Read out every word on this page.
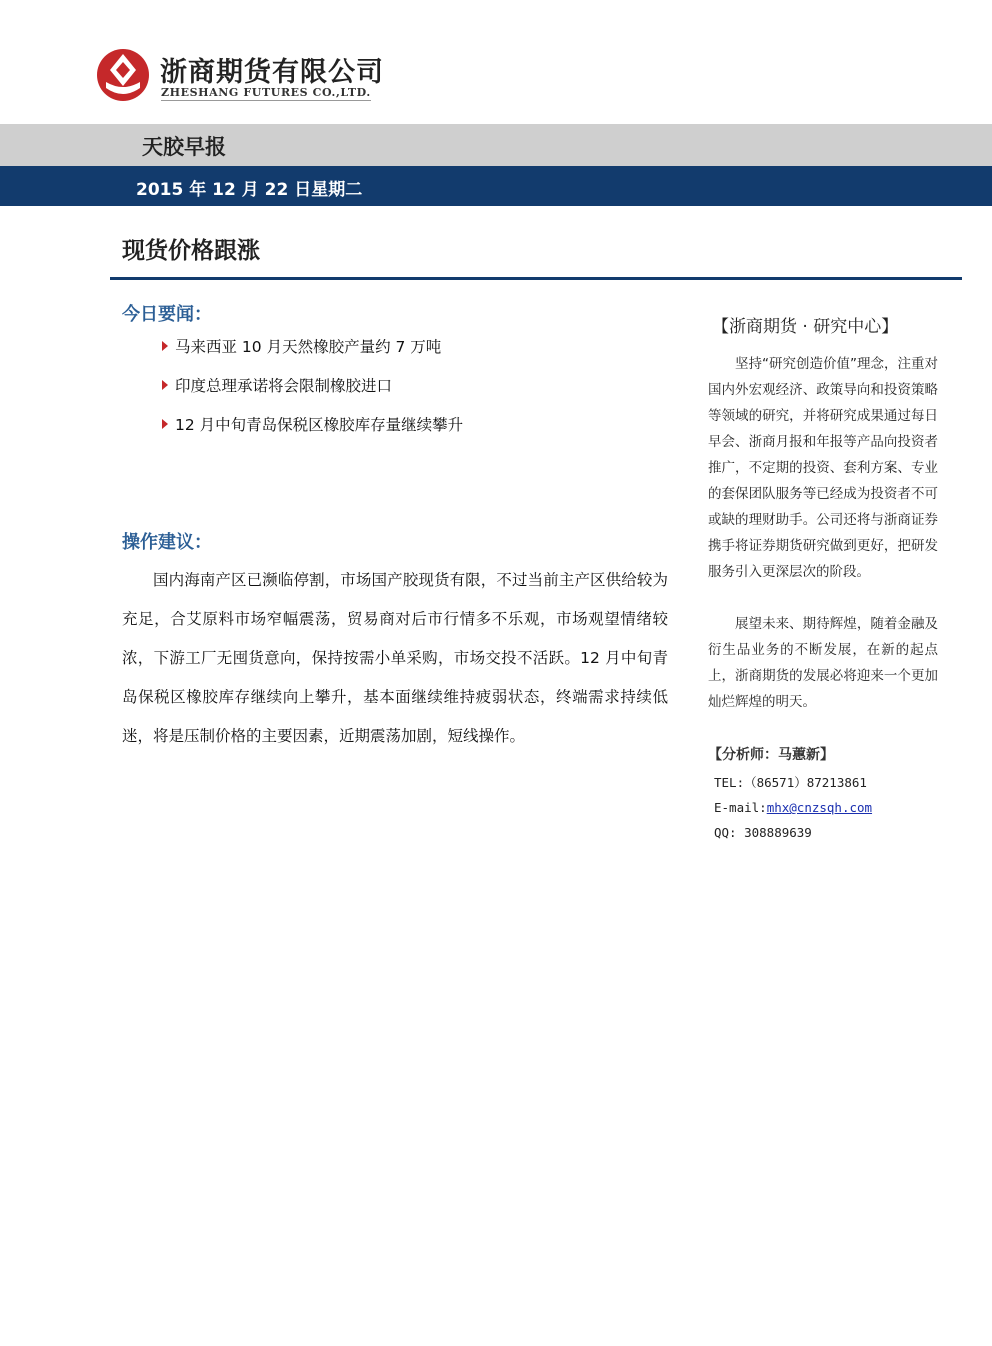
浙商期货有限公司
ZHESHANG FUTURES CO.,LTD.
天胶早报
2015 年 12 月 22 日星期二
现货价格跟涨
今日要闻：
马来西亚 10 月天然橡胶产量约 7 万吨
印度总理承诺将会限制橡胶进口
12 月中旬青岛保税区橡胶库存量继续攀升
操作建议：

国内海南产区已濒临停割，市场国产胶现货有限，不过当前主产区供给较为充足，合艾原料市场窄幅震荡，贸易商对后市行情多不乐观，市场观望情绪较浓，下游工厂无囤货意向，保持按需小单采购，市场交投不活跃。12 月中旬青岛保税区橡胶库存继续向上攀升，基本面继续维持疲弱状态，终端需求持续低迷，将是压制价格的主要因素，近期震荡加剧，短线操作。

【浙商期货 · 研究中心】

坚持“研究创造价值”理念，注重对国内外宏观经济、政策导向和投资策略等领域的研究，并将研究成果通过每日早会、浙商月报和年报等产品向投资者推广，不定期的投资、套利方案、专业的套保团队服务等已经成为投资者不可或缺的理财助手。公司还将与浙商证券携手将证券期货研究做到更好，把研发服务引入更深层次的阶段。

展望未来、期待辉煌，随着金融及衍生品业务的不断发展，在新的起点上，浙商期货的发展必将迎来一个更加灿烂辉煌的明天。

【分析师：马蕙新】
TEL:（86571）87213861
E-mail:mhx@cnzsqh.com
QQ: 308889639
